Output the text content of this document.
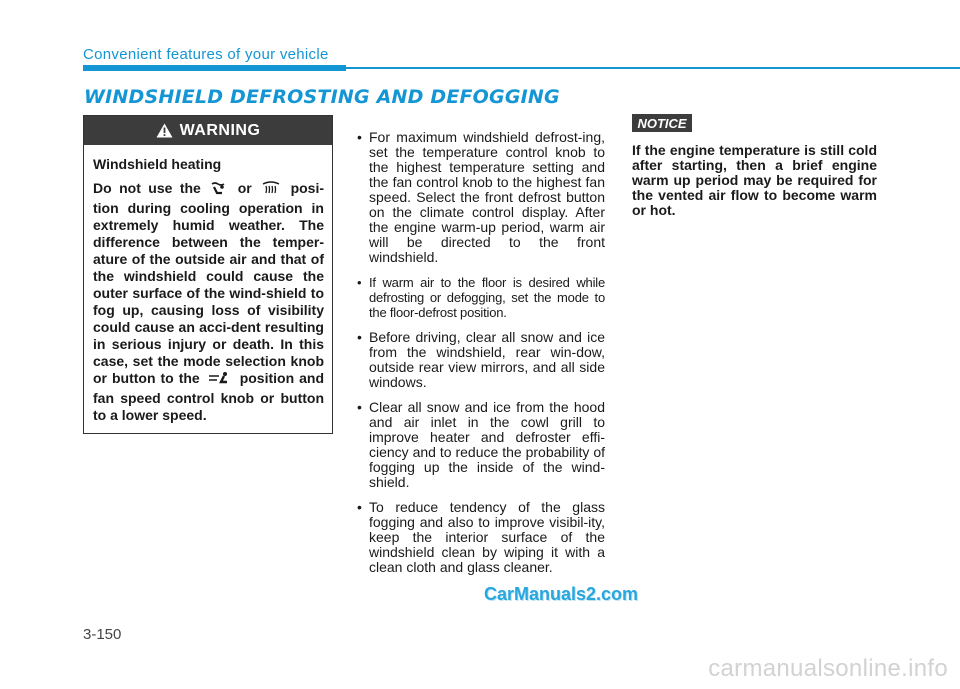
Convenient features of your vehicle

WINDSHIELD DEFROSTING AND DEFOGGING
WARNING

Windshield heating

Do not use the	or	posi-tion during cooling operation in extremely humid weather. The difference between the temper-ature of the outside air and that of the windshield could cause the outer surface of the wind-shield to fog up, causing loss of visibility could cause an acci-dent resulting in serious injury or death. In this case, set the mode selection knob or button to the	position and fan speed control knob or button to a lower speed.

• For maximum windshield defrost-ing, set the temperature control knob to the highest temperature setting and the fan control knob to the highest fan speed. Select the front defrost button on the climate control display. After the engine warm-up period, warm air will be directed to the front windshield.
• If warm air to the floor is desired while defrosting or defogging, set the mode to the floor-defrost position.
• Before driving, clear all snow and ice from the windshield, rear win-dow, outside rear view mirrors, and all side windows.
• Clear all snow and ice from the hood and air inlet in the cowl grill to improve heater and defroster effi-ciency and to reduce the probability of fogging up the inside of the wind-shield.
• To reduce tendency of the glass fogging and also to improve visibil-ity, keep the interior surface of the windshield clean by wiping it with a clean cloth and glass cleaner.
NOTICE

If the engine temperature is still cold after starting, then a brief engine warm up period may be required for the vented air flow to become warm or hot.

CarManuals2.com

3-150

carmanualsonline.info
